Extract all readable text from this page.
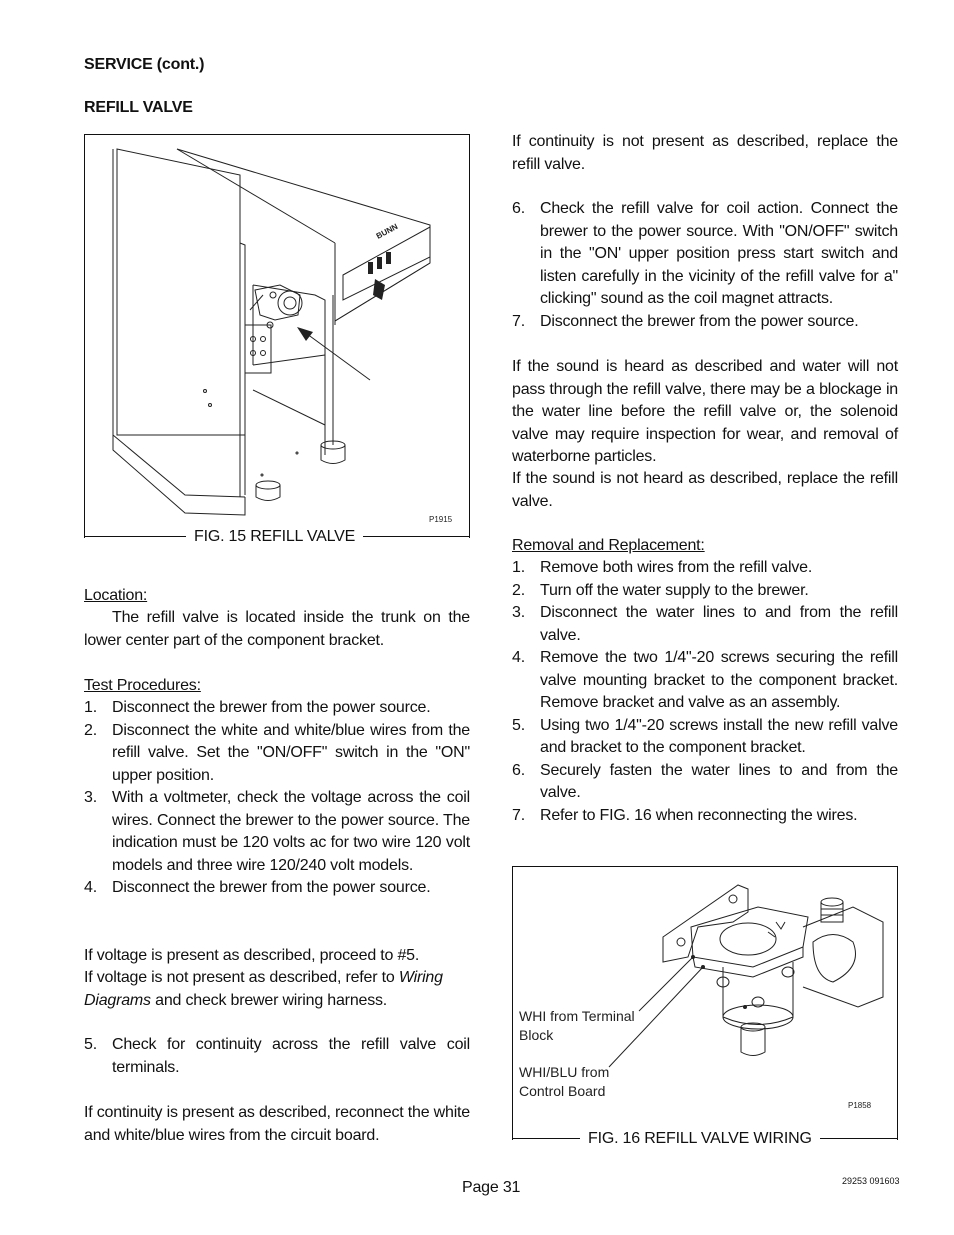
SERVICE (cont.)
REFILL VALVE
BUNN
P1915
FIG. 15 REFILL VALVE
Location:
The refill valve is located inside the trunk on the lower center part of the component bracket.
Test Procedures:
1. Disconnect the brewer from the power source.
2. Disconnect the white and white/blue wires from the refill valve. Set the "ON/OFF" switch in the "ON" upper position.
3. With a voltmeter, check the voltage across the coil wires. Connect the brewer to the power source. The indication must be 120 volts ac for two wire 120 volt models and three wire 120/240 volt models.
4. Disconnect the brewer from the power source.
If voltage is present as described, proceed to #5.
If voltage is not present as described, refer to Wiring Diagrams and check brewer wiring harness.
5. Check for continuity across the refill valve coil terminals.
If continuity is present as described, reconnect the white and white/blue wires from the circuit board.
If continuity is not present as described, replace the refill valve.
6. Check the refill valve for coil action. Connect the brewer to the power source. With "ON/OFF" switch in the "ON' upper position press start switch and listen carefully in the vicinity of the refill valve for a" clicking" sound as the coil magnet attracts.
7. Disconnect the brewer from the power source.
If the sound is heard as described and water will not pass through the refill valve, there may be a blockage in the water line before the refill valve or, the solenoid valve may require inspection for wear, and removal of waterborne particles.
If the sound is not heard as described, replace the refill valve.
Removal and Replacement:
1. Remove both wires from the refill valve.
2. Turn off the water supply to the brewer.
3. Disconnect the water lines to and from the refill valve.
4. Remove the two 1/4"-20 screws securing the refill valve mounting bracket to the component bracket. Remove bracket and valve as an assembly.
5. Using two 1/4"-20 screws install the new refill valve and bracket to the component bracket.
6. Securely fasten the water lines to and from the valve.
7. Refer to FIG. 16 when reconnecting the wires.
P1858
WHI from Terminal Block
WHI/BLU from Control Board
FIG. 16 REFILL VALVE WIRING
Page 31	29253 091603
